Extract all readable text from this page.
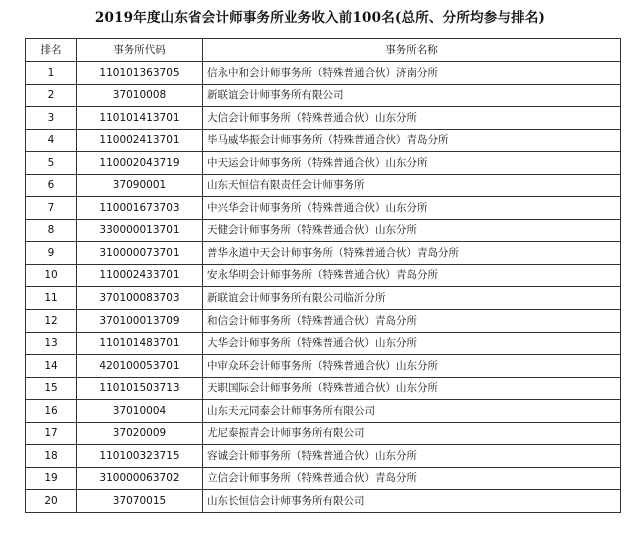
2019年度山东省会计师事务所业务收入前100名(总所、分所均参与排名)
排名	事务所代码	事务所名称
1	110101363705	信永中和会计师事务所（特殊普通合伙）济南分所
2	37010008	新联谊会计师事务所有限公司
3	110101413701	大信会计师事务所（特殊普通合伙）山东分所
4	110002413701	毕马威华振会计师事务所（特殊普通合伙）青岛分所
5	110002043719	中天运会计师事务所（特殊普通合伙）山东分所
6	37090001	山东天恒信有限责任会计师事务所
7	110001673703	中兴华会计师事务所（特殊普通合伙）山东分所
8	330000013701	天健会计师事务所（特殊普通合伙）山东分所
9	310000073701	普华永道中天会计师事务所（特殊普通合伙）青岛分所
10	110002433701	安永华明会计师事务所（特殊普通合伙）青岛分所
11	370100083703	新联谊会计师事务所有限公司临沂分所
12	370100013709	和信会计师事务所（特殊普通合伙）青岛分所
13	110101483701	大华会计师事务所（特殊普通合伙）山东分所
14	420100053701	中审众环会计师事务所（特殊普通合伙）山东分所
15	110101503713	天职国际会计师事务所（特殊普通合伙）山东分所
16	37010004	山东天元同泰会计师事务所有限公司
17	37020009	尤尼泰振青会计师事务所有限公司
18	110100323715	容诚会计师事务所（特殊普通合伙）山东分所
19	310000063702	立信会计师事务所（特殊普通合伙）青岛分所
20	37070015	山东长恒信会计师事务所有限公司
